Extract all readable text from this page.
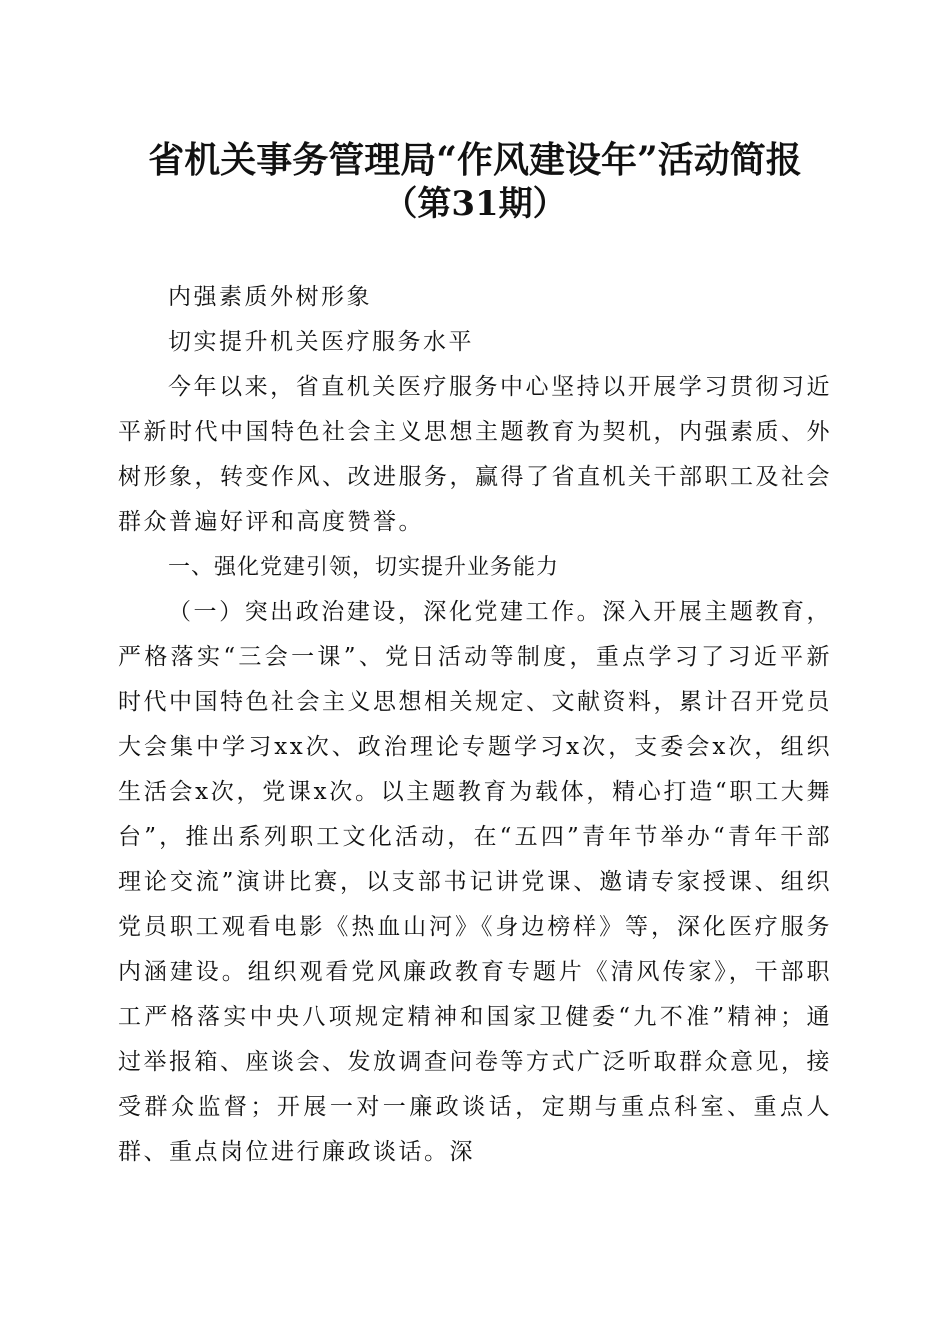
省机关事务管理局“作风建设年”活动简报
（第31期）

内强素质外树形象

切实提升机关医疗服务水平

今年以来，省直机关医疗服务中心坚持以开展学习贯彻习近平新时代中国特色社会主义思想主题教育为契机，内强素质、外树形象，转变作风、改进服务，赢得了省直机关干部职工及社会群众普遍好评和高度赞誉。

一、强化党建引领，切实提升业务能力

（一）突出政治建设，深化党建工作。深入开展主题教育，严格落实“三会一课”、党日活动等制度，重点学习了习近平新时代中国特色社会主义思想相关规定、文献资料，累计召开党员大会集中学习xx次、政治理论专题学习x次，支委会x次，组织生活会x次，党课x次。以主题教育为载体，精心打造“职工大舞台”，推出系列职工文化活动，在“五四”青年节举办“青年干部理论交流”演讲比赛，以支部书记讲党课、邀请专家授课、组织党员职工观看电影《热血山河》《身边榜样》等，深化医疗服务内涵建设。组织观看党风廉政教育专题片《清风传家》，干部职工严格落实中央八项规定精神和国家卫健委“九不准”精神；通过举报箱、座谈会、发放调查问卷等方式广泛听取群众意见，接受群众监督；开展一对一廉政谈话，定期与重点科室、重点人群、重点岗位进行廉政谈话。深
